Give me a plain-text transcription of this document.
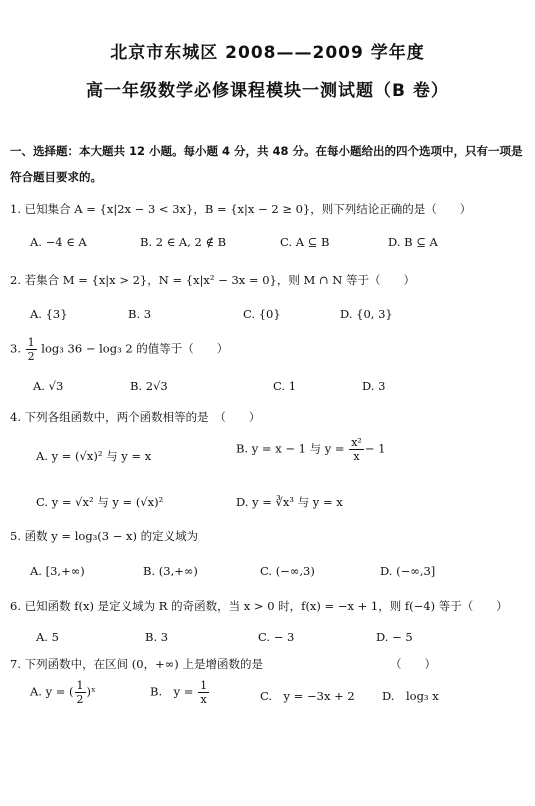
北京市东城区 2008——2009 学年度
高一年级数学必修课程模块一测试题（B 卷）
一、选择题：本大题共 12 小题。每小题 4 分，共 48 分。在每小题给出的四个选项中，只有一项是
符合题目要求的。
1. 已知集合 A = {x|2x − 3 < 3x}，B = {x|x − 2 ≥ 0}，则下列结论正确的是（　　）
A. −4 ∈ A	B. 2 ∈ A, 2 ∉ B	C. A ⊆ B	D. B ⊆ A
2. 若集合 M = {x|x > 2}，N = {x|x² − 3x = 0}，则 M ∩ N 等于（　　）
A. {3}	B. 3	C. {0}	D. {0, 3}
3. $\frac{1}{2} \log_3$ 36 − log₃ 2 的值等于（　　）
A. √3	B. 2√3	C. 1	D. 3
4. 下列各组函数中，两个函数相等的是　（　　）
A. y = (√x)² 与 y = x
B. y = x − 1 与 $y = \frac{\text{x²}}{x} - 1$
C. y = √x² 与 y = (√x)²	D. y = ∛x³ 与 y = x
5. 函数 y = log₃(3 − x) 的定义域为
A. [3,+∞)	B. (3,+∞)	C. (−∞,3)	D. (−∞,3]
6. 已知函数 f(x) 是定义域为 R 的奇函数，当 x > 0 时，f(x) = −x + 1，则 f(−4) 等于（　　）
A. 5	B. 3	C. − 3	D. − 5
7. 下列函数中，在区间 (0，+∞) 上是增函数的是	（　　）
A. y = ( $\frac{1}{2}$ )ˣ	B.　$y = \frac{1}{x}$	C.　y = −3x + 2 D.　log₃ x
